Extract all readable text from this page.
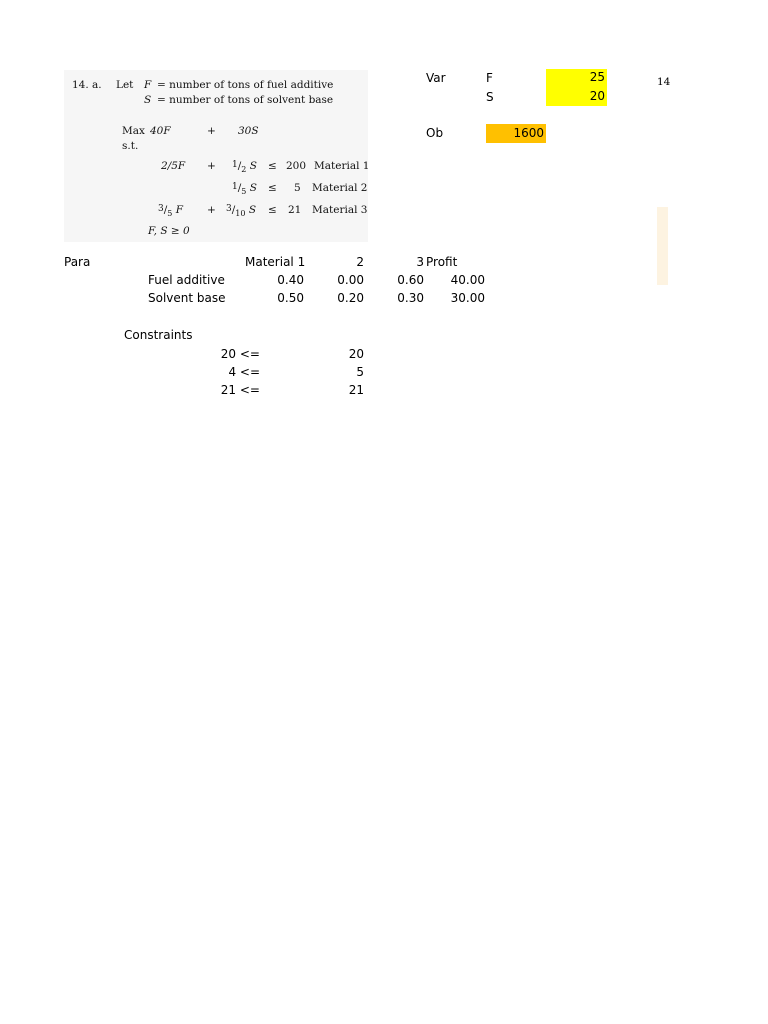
14. a. Let F = number of tons of fuel additive
S = number of tons of solvent base
Max 40F	+ 30S
s.t.
$2/5F + 1/_2$ S ≤ 200 Material 1
$1/_5$ S ≤ 5 Material 2
$3/_5$ $F + 3/_{10}$ S ≤ 21 Material 3
F, S ≥ 0
Var	F	25
S	20
14
Ob	1600
Para	Material 1	2	3 Profit
Fuel additive	0.40	0.00	0.60	40.00
Solvent base	0.50	0.20	0.30	30.00
Constraints
20 <=	20
4 <=	5
21 <=	21
